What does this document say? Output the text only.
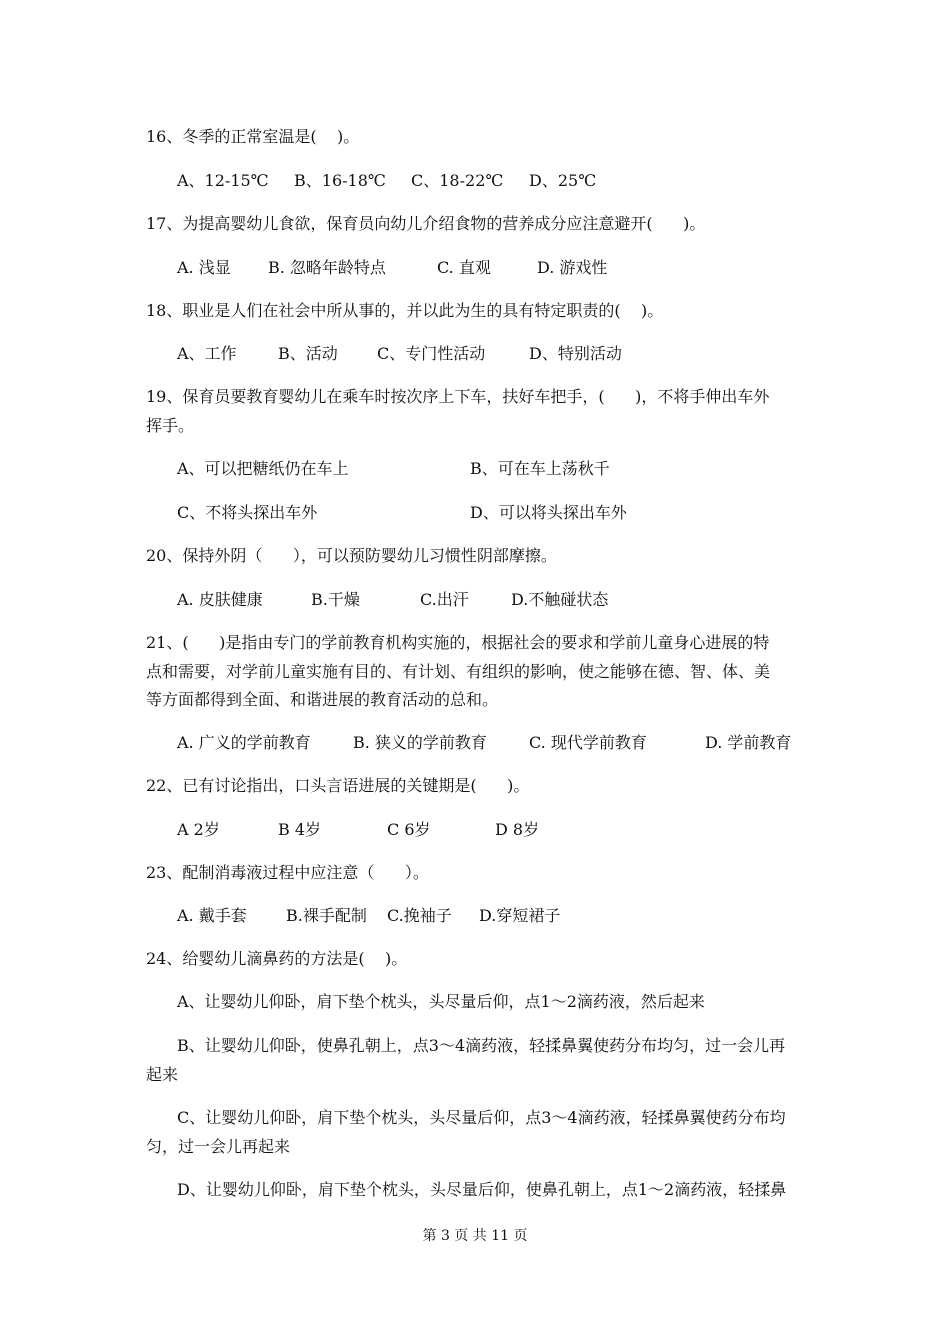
16、冬季的正常室温是(    )。
A、12-15℃ B、16-18℃ C、18-22℃ D、25℃
17、为提高婴幼儿食欲，保育员向幼儿介绍食物的营养成分应注意避开(      )。
A. 浅显 B. 忽略年龄特点	C. 直观	D. 游戏性
18、职业是人们在社会中所从事的，并以此为生的具有特定职责的(    )。
A、工作	B、活动 C、专门性活动	D、特别活动
19、保育员要教育婴幼儿在乘车时按次序上下车，扶好车把手，(      )，不将手伸出车外
挥手。
A、可以把糖纸仍在车上	B、可在车上荡秋千
C、不将头探出车外	D、可以将头探出车外
20、保持外阴（      ），可以预防婴幼儿习惯性阴部摩擦。
A. 皮肤健康	B.干燥	C.出汗	D.不触碰状态
21、(      )是指由专门的学前教育机构实施的，根据社会的要求和学前儿童身心进展的特
点和需要，对学前儿童实施有目的、有计划、有组织的影响，使之能够在德、智、体、美
等方面都得到全面、和谐进展的教育活动的总和。
A. 广义的学前教育	B. 狭义的学前教育	C. 现代学前教育	D. 学前教育
22、已有讨论指出，口头言语进展的关键期是(      )。
A 2岁	B 4岁	C 6岁	D 8岁
23、配制消毒液过程中应注意（      ）。
A. 戴手套 B.裸手配制 C.挽袖子 D.穿短裙子
24、给婴幼儿滴鼻药的方法是(    )。
A、让婴幼儿仰卧，肩下垫个枕头，头尽量后仰，点1～2滴药液，然后起来
B、让婴幼儿仰卧，使鼻孔朝上，点3～4滴药液，轻揉鼻翼使药分布均匀，过一会儿再
起来
C、让婴幼儿仰卧，肩下垫个枕头，头尽量后仰，点3～4滴药液，轻揉鼻翼使药分布均
匀，过一会儿再起来
D、让婴幼儿仰卧，肩下垫个枕头，头尽量后仰，使鼻孔朝上，点1～2滴药液，轻揉鼻
第 3 页 共 11 页
